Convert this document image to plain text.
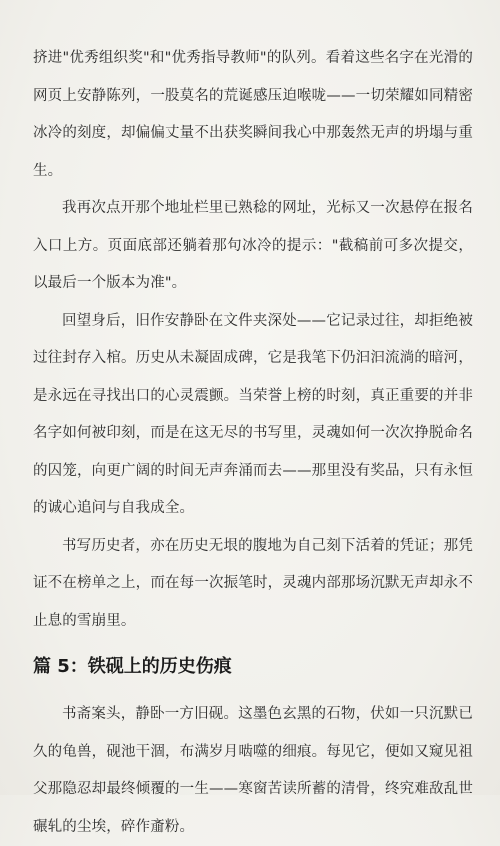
挤进"优秀组织奖"和"优秀指导教师"的队列。看着这些名字在光滑的网页上安静陈列，一股莫名的荒诞感压迫喉咙——一切荣耀如同精密冰冷的刻度，却偏偏丈量不出获奖瞬间我心中那轰然无声的坍塌与重生。

我再次点开那个地址栏里已熟稔的网址，光标又一次悬停在报名入口上方。页面底部还躺着那句冰冷的提示："截稿前可多次提交，以最后一个版本为准"。

回望身后，旧作安静卧在文件夹深处——它记录过往，却拒绝被过往封存入棺。历史从未凝固成碑，它是我笔下仍汩汩流淌的暗河，是永远在寻找出口的心灵震颤。当荣誉上榜的时刻，真正重要的并非名字如何被印刻，而是在这无尽的书写里，灵魂如何一次次挣脱命名的囚笼，向更广阔的时间无声奔涌而去——那里没有奖品，只有永恒的诚心追问与自我成全。

书写历史者，亦在历史无垠的腹地为自己刻下活着的凭证；那凭证不在榜单之上，而在每一次振笔时，灵魂内部那场沉默无声却永不止息的雪崩里。

篇 5：铁砚上的历史伤痕

书斋案头，静卧一方旧砚。这墨色玄黑的石物，伏如一只沉默已久的龟兽，砚池干涸，布满岁月啮噬的细痕。每见它，便如又窥见祖父那隐忍却最终倾覆的一生——寒窗苦读所蓄的清骨，终究难敌乱世碾轧的尘埃，碎作齑粉。
